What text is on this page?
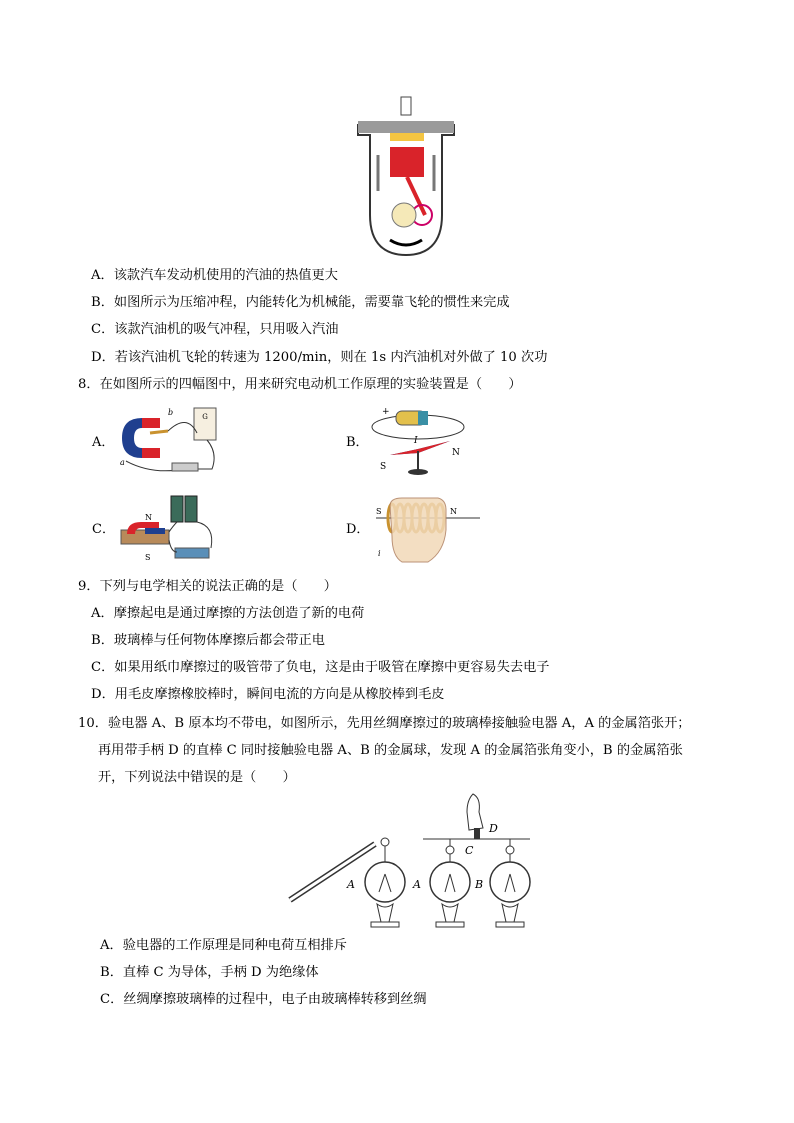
A．该款汽车发动机使用的汽油的热值更大
B．如图所示为压缩冲程，内能转化为机械能，需要靠飞轮的惯性来完成
C．该款汽油机的吸气冲程，只用吸入汽油
D．若该汽油机飞轮的转速为 1200/min，则在 1s 内汽油机对外做了 10 次功
8．在如图所示的四幅图中，用来研究电动机工作原理的实验装置是（　　）
A．
G
b
a
B．
+
I
S
N
C．
N
S
D．
S	N
i
9．下列与电学相关的说法正确的是（　　）
A．摩擦起电是通过摩擦的方法创造了新的电荷
B．玻璃棒与任何物体摩擦后都会带正电
C．如果用纸巾摩擦过的吸管带了负电，这是由于吸管在摩擦中更容易失去电子
D．用毛皮摩擦橡胶棒时，瞬间电流的方向是从橡胶棒到毛皮
10．验电器 A、B 原本均不带电，如图所示，先用丝绸摩擦过的玻璃棒接触验电器 A，A 的金属箔张开；
再用带手柄 D 的直棒 C 同时接触验电器 A、B 的金属球，发现 A 的金属箔张角变小，B 的金属箔张
开，下列说法中错误的是（　　）
A
D
C
A	B
A．验电器的工作原理是同种电荷互相排斥
B．直棒 C 为导体，手柄 D 为绝缘体
C．丝绸摩擦玻璃棒的过程中，电子由玻璃棒转移到丝绸
